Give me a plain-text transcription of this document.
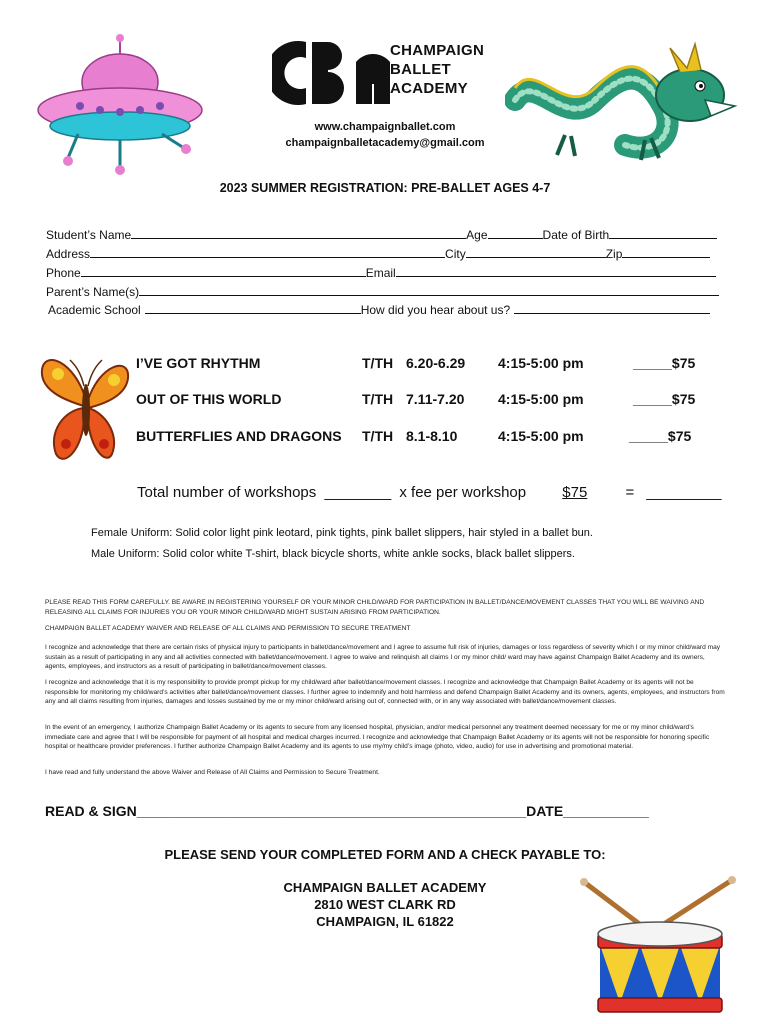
CHAMPAIGN
BALLET
ACADEMY
www.champaignballet.com
champaignballetacademy@gmail.com
2023 SUMMER REGISTRATION: PRE-BALLET AGES 4-7
Student’s Name	Age	Date of Birth
Address	City	Zip
Phone	Email
Parent’s Name(s)
Academic School	How did you hear about us?
I’VE GOT RHYTHM	T/TH 6.20-6.29 4:15-5:00 pm	_____$75
OUT OF THIS WORLD	T/TH 7.11-7.20 4:15-5:00 pm	_____$75
BUTTERFLIES AND DRAGONS T/TH 8.1-8.10	4:15-5:00 pm	_____$75
Total number of workshops ________ x fee per workshop $75	= _________
Female Uniform: Solid color light pink leotard, pink tights, pink ballet slippers, hair styled in a ballet bun.
Male Uniform: Solid color white T-shirt, black bicycle shorts, white ankle socks, black ballet slippers.
PLEASE READ THIS FORM CAREFULLY. BE AWARE IN REGISTERING YOURSELF OR YOUR MINOR CHILD/WARD FOR PARTICIPATION IN BALLET/DANCE/MOVEMENT CLASSES THAT YOU WILL BE WAIVING AND RELEASING ALL CLAIMS FOR INJURIES YOU OR YOUR MINOR CHILD/WARD MIGHT SUSTAIN ARISING FROM PARTICIPATION.
CHAMPAIGN BALLET ACADEMY WAIVER AND RELEASE OF ALL CLAIMS AND PERMISSION TO SECURE TREATMENT
I recognize and acknowledge that there are certain risks of physical injury to participants in ballet/dance/movement and I agree to assume full risk of injuries, damages or loss regardless of severity which I or my minor child/ward may sustain as a result of participating in any and all activities connected with ballet/dance/movement. I agree to waive and relinquish all claims I or my minor child/ ward may have against Champaign Ballet Academy and its owners, agents, employees, and instructors as a result of participating in ballet/dance/movement classes.
I recognize and acknowledge that it is my responsibility to provide prompt pickup for my child/ward after ballet/dance/movement classes. I recognize and acknowledge that Champaign Ballet Academy or its agents will not be responsible for monitoring my child/ward’s activities after ballet/dance/movement classes. I further agree to indemnify and hold harmless and defend Champaign Ballet Academy and its owners, agents, employees, and instructors from any and all claims resulting from injuries, damages and losses sustained by me or my minor child/ward arising out of, connected with, or in any way associated with ballet/dance/movement classes.
In the event of an emergency, I authorize Champaign Ballet Academy or its agents to secure from any licensed hospital, physician, and/or medical personnel any treatment deemed necessary for me or my minor child/ward’s immediate care and agree that I will be responsible for payment of all hospital and medical charges incurred. I recognize and acknowledge that Champaign Ballet Academy or its agents will not be responsible for honoring specific hospital or healthcare provider preferences. I further authorize Champaign Ballet Academy and its agents to use my/my child’s image (photo, video, audio) for use in advertising and promotional material.
I have read and fully understand the above Waiver and Release of All Claims and Permission to Secure Treatment.
READ & SIGN__________________________________________________DATE___________
PLEASE SEND YOUR COMPLETED FORM AND A CHECK PAYABLE TO:
CHAMPAIGN BALLET ACADEMY
2810 WEST CLARK RD
CHAMPAIGN, IL 61822
